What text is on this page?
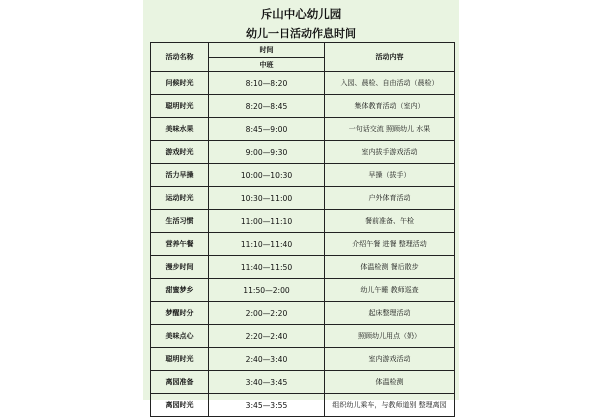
斥山中心幼儿园
幼儿一日活动作息时间
活动名称	时间	活动内容
	中班	
问候时光	8:10—8:20	入园、晨检、自由活动（晨检）
聪明时光	8:20—8:45	集体教育活动（室内）
美味水果	8:45—9:00	一句话交流 照顾幼儿 水果
游戏时光	9:00—9:30	室内拔手游戏活动
活力早操	10:00—10:30	早操（拔手）
运动时光	10:30—11:00	户外体育活动
生活习惯	11:00—11:10	餐前准备、午检
营养午餐	11:10—11:40	介绍午餐 进餐 整理活动
漫步时间	11:40—11:50	体温检测 餐后散步
甜蜜梦乡	11:50—2:00	幼儿午睡 教师巡查
梦醒时分	2:00—2:20	起床整理活动
美味点心	2:20—2:40	照顾幼儿用点（奶）
聪明时光	2:40—3:40	室内游戏活动
离园准备	3:40—3:45	体温检测
离园时光	3:45—3:55	组织幼儿乘车，与教师道别 整理离园
